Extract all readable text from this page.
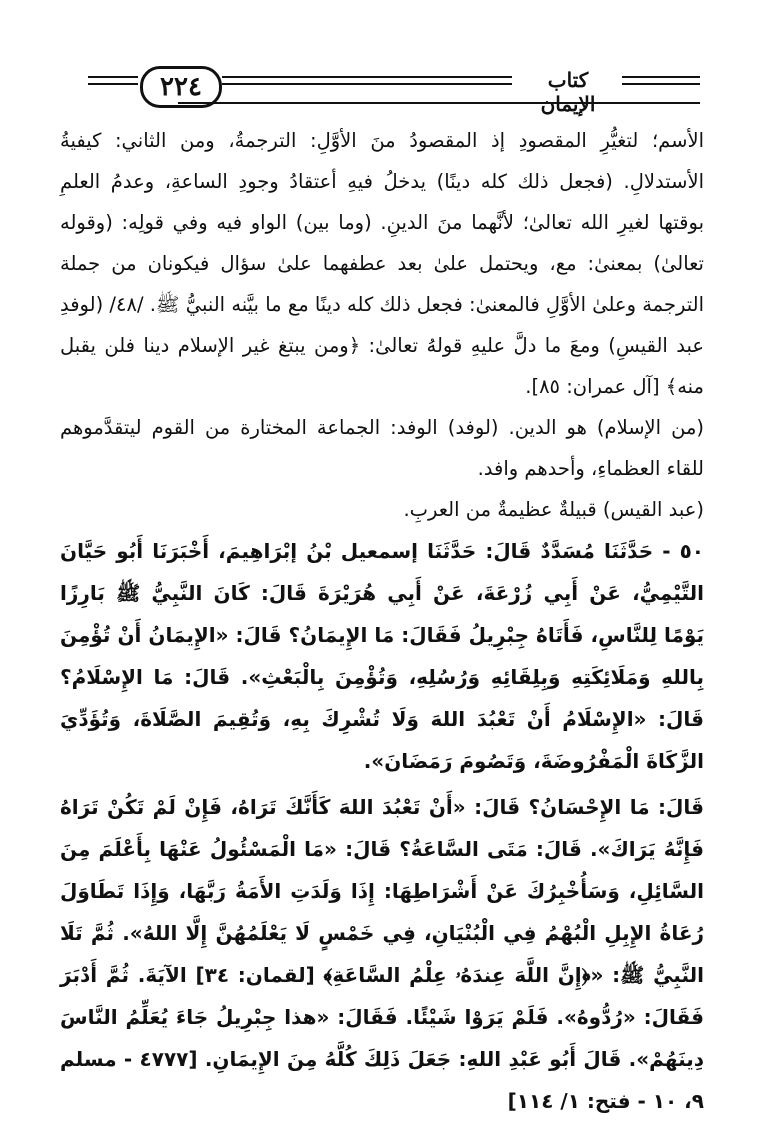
٢٢٤	كتاب الإيمان

الأسم؛ لتغيُّرِ المقصودِ إذ المقصودُ منَ الأوَّلِ: الترجمةُ، ومن الثاني: كيفيةُ الأستدلالِ. (فجعل ذلك كله دينًا) يدخلُ فيهِ أعتقادُ وجودِ الساعةِ، وعدمُ العلمِ بوقتها لغيرِ الله تعالىٰ؛ لأنَّهما منَ الدينِ. (وما بين) الواو فيه وفي قولِه: (وقوله تعالىٰ) بمعنىٰ: مع، ويحتمل علىٰ بعد عطفهما علىٰ سؤال فيكونان من جملة الترجمة وعلىٰ الأوَّلِ فالمعنىٰ: فجعل ذلك كله دينًا مع ما بيَّنه النبيُّ ﷺ. /٤٨/ (لوفدِ عبد القيسِ) ومعَ ما دلَّ عليهِ قولهُ تعالىٰ: ﴿ومن يبتغ غير الإسلام دينا فلن يقبل منه﴾ [آل عمران: ٨٥].

(من الإسلام) هو الدين. (لوفد) الوفد: الجماعة المختارة من القوم ليتقدَّموهم للقاء العظماءِ، وأحدهم وافد.

(عبد القيس) قبيلةٌ عظيمةٌ من العربِ.

٥٠ - حَدَّثَنَا مُسَدَّدٌ قَالَ: حَدَّثَنَا إسمعيل بْنُ إبْرَاهِيمَ، أَخْبَرَنَا أَبُو حَيَّانَ التَّيْمِيُّ، عَنْ أَبِي زُرْعَةَ، عَنْ أَبِي هُرَيْرَةَ قَالَ: كَانَ النَّبِيُّ ﷺ بَارِزًا يَوْمًا لِلنَّاسِ، فَأَتَاهُ جِبْرِيلُ فَقَالَ: مَا الإِيمَانُ؟ قَالَ: «الإِيمَانُ أَنْ تُؤْمِنَ بِاللهِ وَمَلَائِكَتِهِ وَبِلِقَائِهِ وَرُسُلِهِ، وَتُؤْمِنَ بِالْبَعْثِ». قَالَ: مَا الإِسْلَامُ؟ قَالَ: «الإِسْلَامُ أَنْ تَعْبُدَ اللهَ وَلَا تُشْرِكَ بِهِ، وَتُقِيمَ الصَّلَاةَ، وَتُؤَدِّيَ الزَّكَاةَ الْمَفْرُوضَةَ، وَتَصُومَ رَمَضَانَ».

قَالَ: مَا الإِحْسَانُ؟ قَالَ: «أَنْ تَعْبُدَ اللهَ كَأَنَّكَ تَرَاهُ، فَإِنْ لَمْ تَكُنْ تَرَاهُ فَإِنَّهُ يَرَاكَ». قَالَ: مَتَى السَّاعَةُ؟ قَالَ: «مَا الْمَسْئُولُ عَنْهَا بِأَعْلَمَ مِنَ السَّائِلِ، وَسَأُخْبِرُكَ عَنْ أَشْرَاطِهَا: إِذَا وَلَدَتِ الأَمَةُ رَبَّهَا، وَإِذَا تَطَاوَلَ رُعَاةُ الإِبِلِ الْبُهْمُ فِي الْبُنْيَانِ، فِي خَمْسٍ لَا يَعْلَمُهُنَّ إِلَّا اللهُ». ثُمَّ تَلَا النَّبِيُّ ﷺ: «﴿إِنَّ اللَّهَ عِندَهُۥ عِلْمُ السَّاعَةِ﴾ [لقمان: ٣٤] الآيَةَ. ثُمَّ أَدْبَرَ فَقَالَ: «رُدُّوهُ». فَلَمْ يَرَوْا شَيْئًا. فَقَالَ: «هذا جِبْرِيلُ جَاءَ يُعَلِّمُ النَّاسَ دِينَهُمْ». قَالَ أَبُو عَبْدِ اللهِ: جَعَلَ ذَلِكَ كُلَّهُ مِنَ الإِيمَانِ. [٤٧٧٧ - مسلم ٩، ١٠ - فتح: ١/ ١١٤]
